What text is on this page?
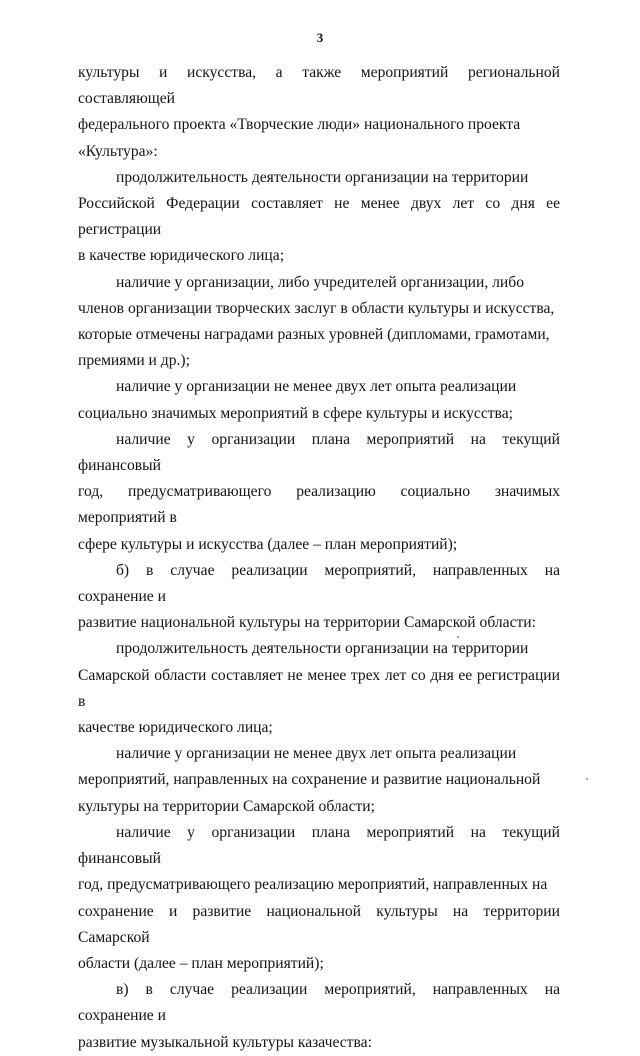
3

культуры и искусства, а также мероприятий региональной составляющей
федерального проекта «Творческие люди» национального проекта
«Культура»:

продолжительность деятельности организации на территории
Российской Федерации составляет не менее двух лет со дня ее регистрации
в качестве юридического лица;

наличие у организации, либо учредителей организации, либо
членов организации творческих заслуг в области культуры и искусства,
которые отмечены наградами разных уровней (дипломами, грамотами,
премиями и др.);

наличие у организации не менее двух лет опыта реализации
социально значимых мероприятий в сфере культуры и искусства;

наличие у организации плана мероприятий на текущий финансовый
год, предусматривающего реализацию социально значимых мероприятий в
сфере культуры и искусства (далее – план мероприятий);

б) в случае реализации мероприятий, направленных на сохранение и
развитие национальной культуры на территории Самарской области:

продолжительность деятельности организации на территории
Самарской области составляет не менее трех лет со дня ее регистрации в
качестве юридического лица;

наличие у организации не менее двух лет опыта реализации
мероприятий, направленных на сохранение и развитие национальной
культуры на территории Самарской области;

наличие у организации плана мероприятий на текущий финансовый
год, предусматривающего реализацию мероприятий, направленных на
сохранение и развитие национальной культуры на территории Самарской
области (далее – план мероприятий);

в) в случае реализации мероприятий, направленных на сохранение и
развитие музыкальной культуры казачества:
